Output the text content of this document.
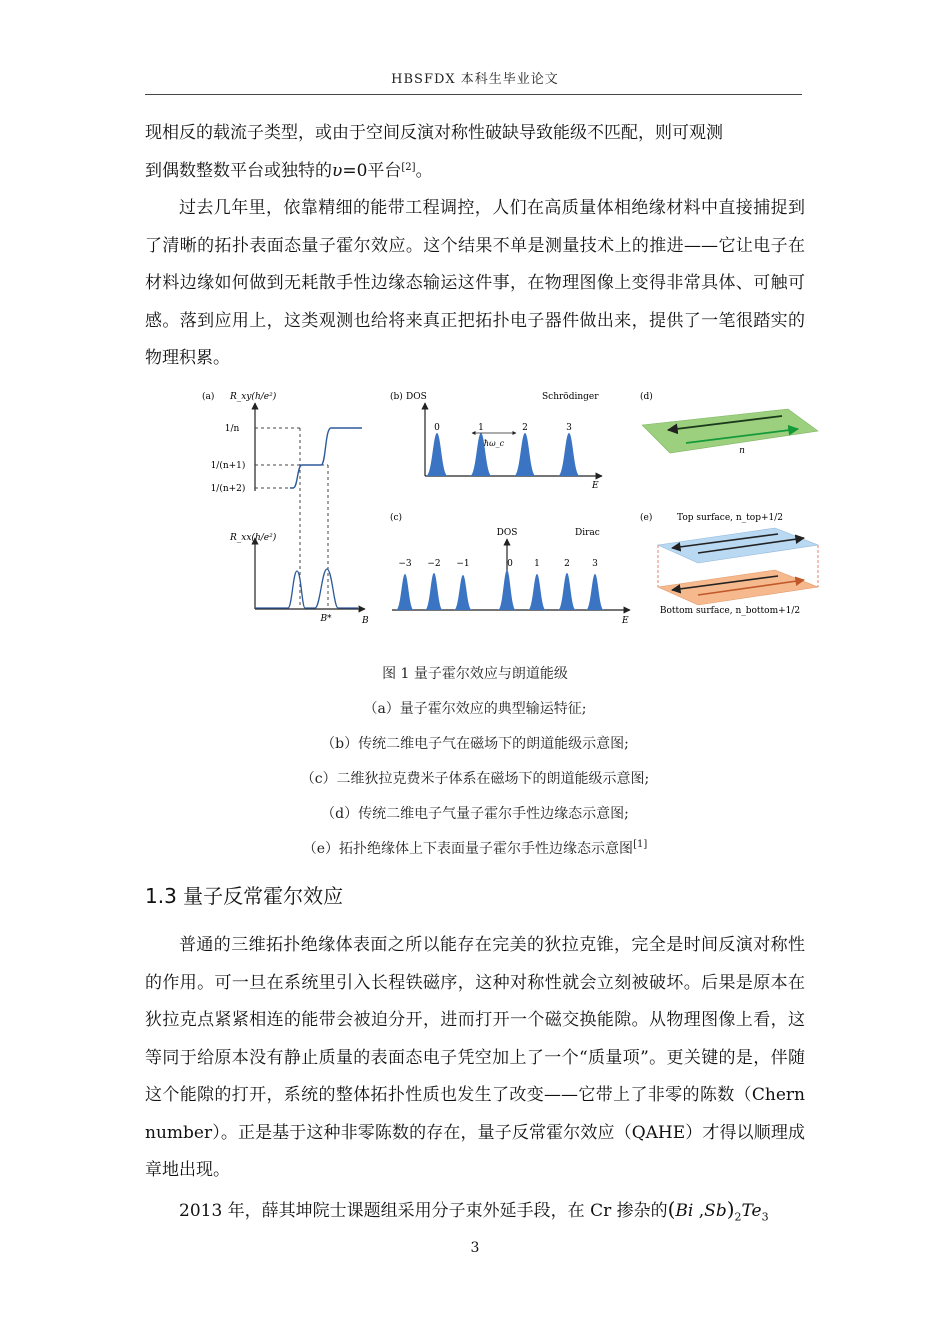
HBSFDX 本科生毕业论文

现相反的载流子类型，或由于空间反演对称性破缺导致能级不匹配，则可观测

到偶数整数平台或独特的υ=0平台[2]。

过去几年里，依靠精细的能带工程调控，人们在高质量体相绝缘材料中直接捕捉到了清晰的拓扑表面态量子霍尔效应。这个结果不单是测量技术上的推进——它让电子在材料边缘如何做到无耗散手性边缘态输运这件事，在物理图像上变得非常具体、可触可感。落到应用上，这类观测也给将来真正把拓扑电子器件做出来，提供了一笔很踏实的物理积累。

(a) R_xy(h/e²)
1/n
1/(n+1)
1/(n+2)
R_xx(h/e²)
B*	B
(b) DOS	Schrödinger
0	1	2	3
ħω_c
E
(c)
DOS	Dirac
−3 −2 −1	0 1	2 3
E
(d)
n
(e)	Top surface, n_top+1/2
Bottom surface, n_bottom+1/2
图 1 量子霍尔效应与朗道能级
（a）量子霍尔效应的典型输运特征;
（b）传统二维电子气在磁场下的朗道能级示意图;
（c）二维狄拉克费米子体系在磁场下的朗道能级示意图;
（d）传统二维电子气量子霍尔手性边缘态示意图;
（e）拓扑绝缘体上下表面量子霍尔手性边缘态示意图[1]
1.3 量子反常霍尔效应

普通的三维拓扑绝缘体表面之所以能存在完美的狄拉克锥，完全是时间反演对称性的作用。可一旦在系统里引入长程铁磁序，这种对称性就会立刻被破坏。后果是原本在狄拉克点紧紧相连的能带会被迫分开，进而打开一个磁交换能隙。从物理图像上看，这等同于给原本没有静止质量的表面态电子凭空加上了一个“质量项”。更关键的是，伴随这个能隙的打开，系统的整体拓扑性质也发生了改变——它带上了非零的陈数（Chern number）。正是基于这种非零陈数的存在，量子反常霍尔效应（QAHE）才得以顺理成章地出现。

2013 年，薛其坤院士课题组采用分子束外延手段，在 Cr 掺杂的(Bi $,Sb)_2Te_3$

3
